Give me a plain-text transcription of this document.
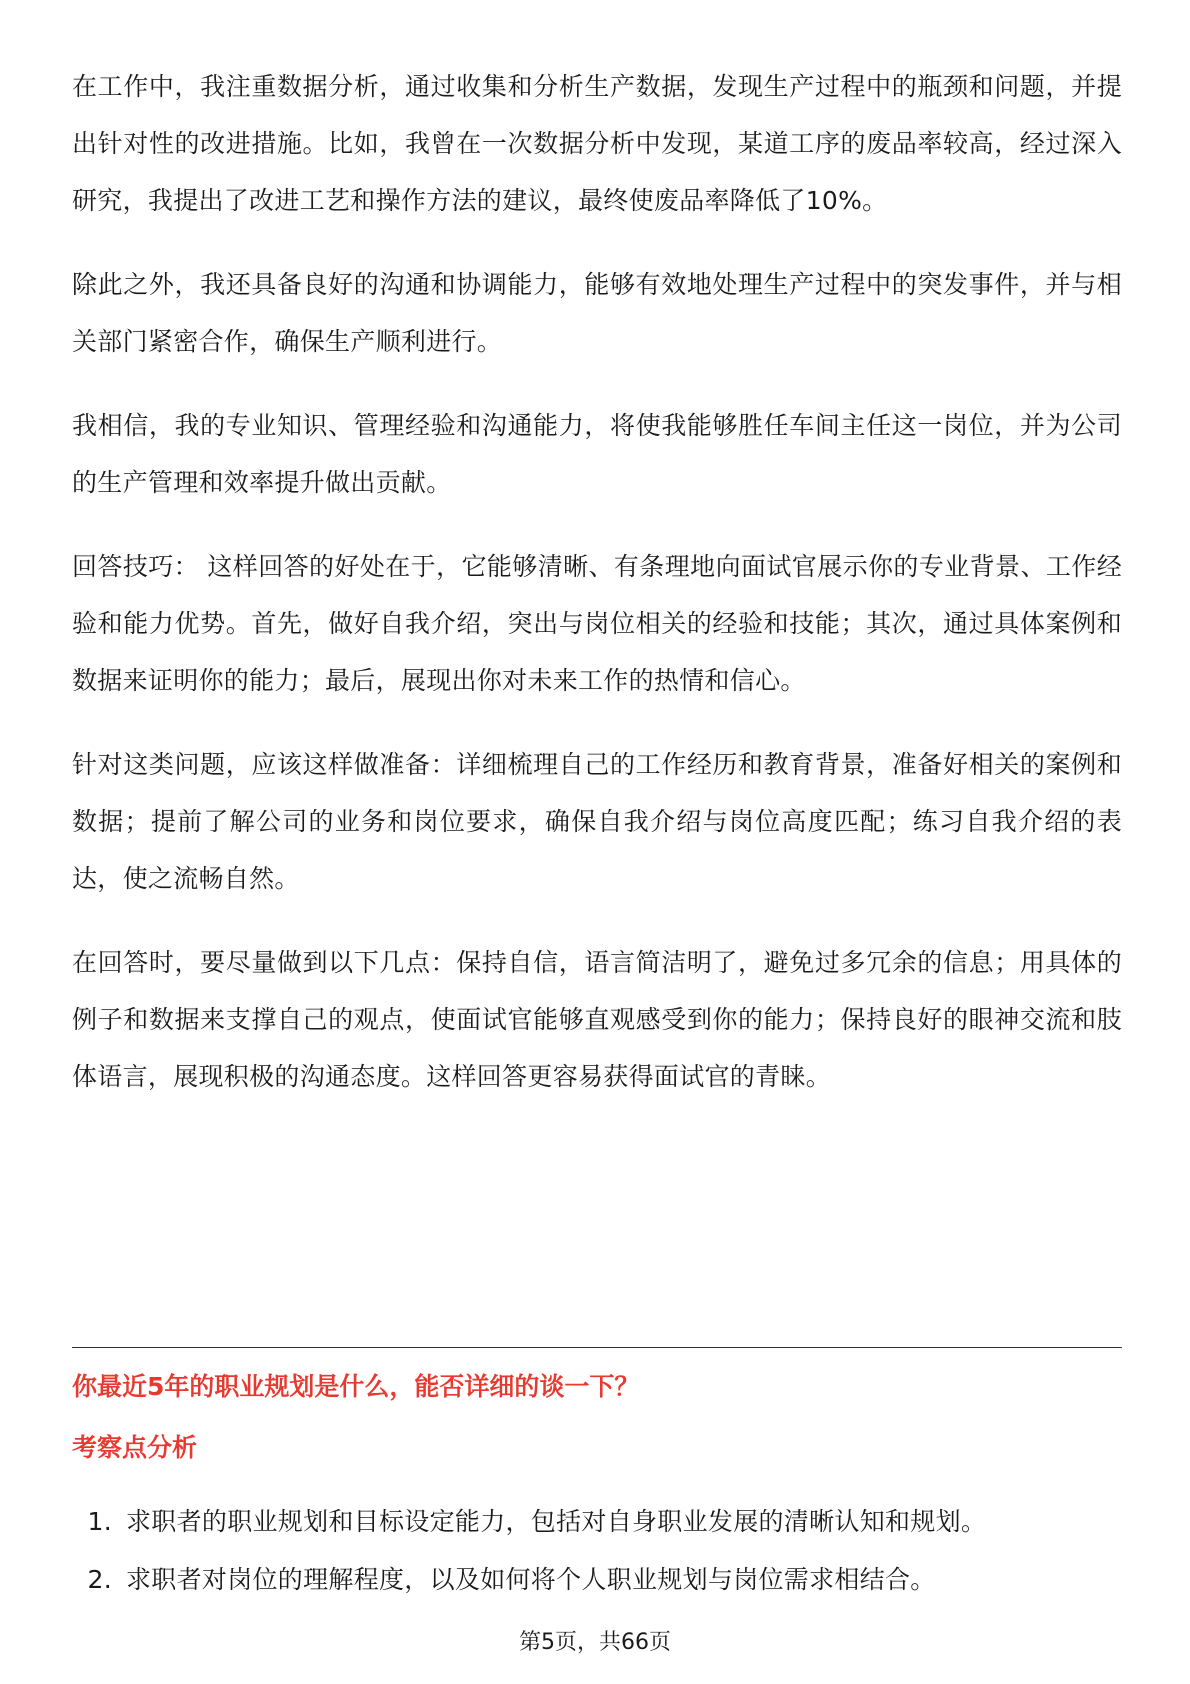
在工作中，我注重数据分析，通过收集和分析生产数据，发现生产过程中的瓶颈和问题，并提出针对性的改进措施。比如，我曾在一次数据分析中发现，某道工序的废品率较高，经过深入研究，我提出了改进工艺和操作方法的建议，最终使废品率降低了10%。

除此之外，我还具备良好的沟通和协调能力，能够有效地处理生产过程中的突发事件，并与相关部门紧密合作，确保生产顺利进行。

我相信，我的专业知识、管理经验和沟通能力，将使我能够胜任车间主任这一岗位，并为公司的生产管理和效率提升做出贡献。

回答技巧： 这样回答的好处在于，它能够清晰、有条理地向面试官展示你的专业背景、工作经验和能力优势。首先，做好自我介绍，突出与岗位相关的经验和技能；其次，通过具体案例和数据来证明你的能力；最后，展现出你对未来工作的热情和信心。

针对这类问题，应该这样做准备：详细梳理自己的工作经历和教育背景，准备好相关的案例和数据；提前了解公司的业务和岗位要求，确保自我介绍与岗位高度匹配；练习自我介绍的表达，使之流畅自然。

在回答时，要尽量做到以下几点：保持自信，语言简洁明了，避免过多冗余的信息；用具体的例子和数据来支撑自己的观点，使面试官能够直观感受到你的能力；保持良好的眼神交流和肢体语言，展现积极的沟通态度。这样回答更容易获得面试官的青睐。

你最近5年的职业规划是什么，能否详细的谈一下？
考察点分析
1. 求职者的职业规划和目标设定能力，包括对自身职业发展的清晰认知和规划。
2. 求职者对岗位的理解程度，以及如何将个人职业规划与岗位需求相结合。
第5页，共66页
